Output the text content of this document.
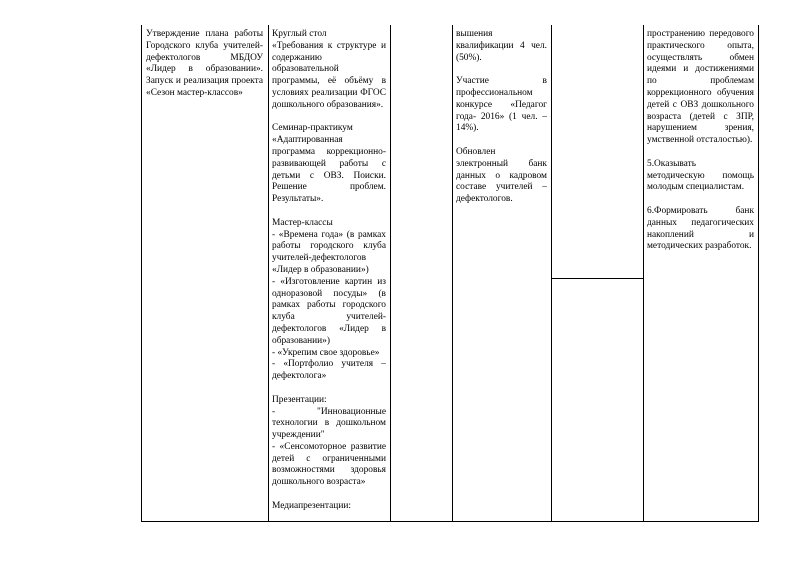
Утверждение плана работы Городского клуба учителей-дефектологов МБДОУ «Лидер в образовании». Запуск и реализация проекта «Сезон мастер-классов»

Круглый стол

«Требования к структуре и содержанию образовательной программы, её объёму в условиях реализации ФГОС дошкольного образования».

Семинар-практикум

«Адаптированная программа коррекционно-развивающей работы с детьми с ОВЗ. Поиски. Решение проблем. Результаты».

Мастер-классы

- «Времена года» (в рамках работы городского клуба учителей-дефектологов «Лидер в образовании»)

- «Изготовление картин из одноразовой посуды» (в рамках работы городского клуба учителей-дефектологов «Лидер в образовании»)

- «Укрепим свое здоровье»

- «Портфолио учителя – дефектолога»

Презентации:

- "Инновационные технологии в дошкольном учреждении"

- «Сенсомоторное развитие детей с ограниченными возможностями здоровья дошкольного возраста»

Медиапрезентации:

вышения квалификации 4 чел. (50%).

Участие в профессиональном конкурсе «Педагог года- 2016» (1 чел. – 14%).

Обновлен электронный банк данных о кадровом составе учителей – дефектологов.

пространению передового практического опыта, осуществлять обмен идеями и достижениями по проблемам коррекционного обучения детей с ОВЗ дошкольного возраста (детей с ЗПР, нарушением зрения, умственной отсталостью).

5.Оказывать методическую помощь молодым специалистам.

6.Формировать банк данных педагогических накоплений и методических разработок.
